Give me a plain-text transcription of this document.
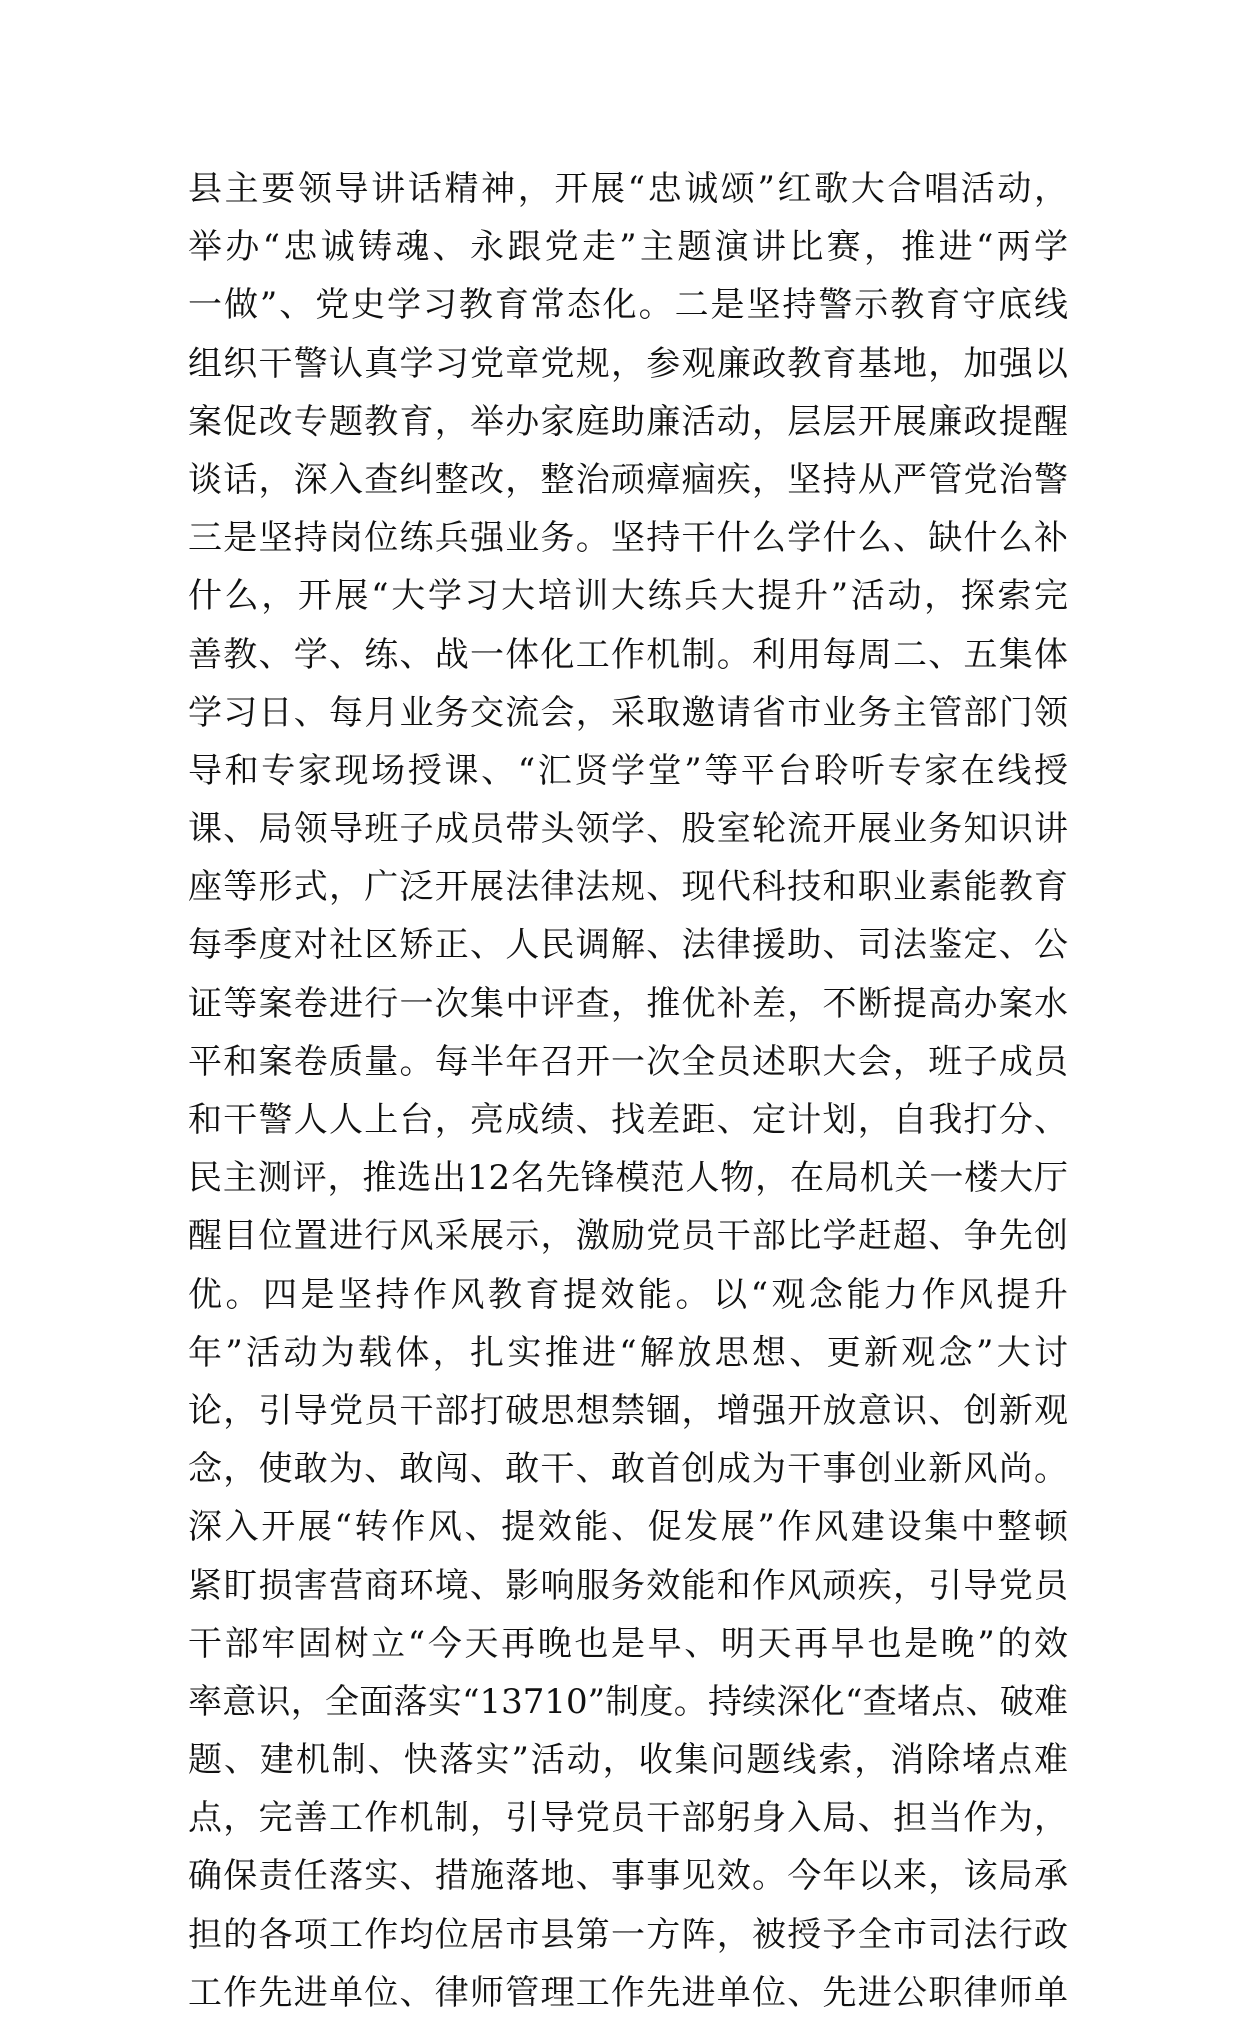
县主要领导讲话精神，开展“忠诚颂”红歌大合唱活动，
举办“忠诚铸魂、永跟党走”主题演讲比赛，推进“两学
一做”、党史学习教育常态化。二是坚持警示教育守底线
组织干警认真学习党章党规，参观廉政教育基地，加强以
案促改专题教育，举办家庭助廉活动，层层开展廉政提醒
谈话，深入查纠整改，整治顽瘴痼疾，坚持从严管党治警
三是坚持岗位练兵强业务。坚持干什么学什么、缺什么补
什么，开展“大学习大培训大练兵大提升”活动，探索完
善教、学、练、战一体化工作机制。利用每周二、五集体
学习日、每月业务交流会，采取邀请省市业务主管部门领
导和专家现场授课、“汇贤学堂”等平台聆听专家在线授
课、局领导班子成员带头领学、股室轮流开展业务知识讲
座等形式，广泛开展法律法规、现代科技和职业素能教育
每季度对社区矫正、人民调解、法律援助、司法鉴定、公
证等案卷进行一次集中评查，推优补差，不断提高办案水
平和案卷质量。每半年召开一次全员述职大会，班子成员
和干警人人上台，亮成绩、找差距、定计划，自我打分、
民主测评，推选出12名先锋模范人物，在局机关一楼大厅
醒目位置进行风采展示，激励党员干部比学赶超、争先创
优。四是坚持作风教育提效能。以“观念能力作风提升
年”活动为载体，扎实推进“解放思想、更新观念”大讨
论，引导党员干部打破思想禁锢，增强开放意识、创新观
念，使敢为、敢闯、敢干、敢首创成为干事创业新风尚。
深入开展“转作风、提效能、促发展”作风建设集中整顿
紧盯损害营商环境、影响服务效能和作风顽疾，引导党员
干部牢固树立“今天再晚也是早、明天再早也是晚”的效
率意识，全面落实“13710”制度。持续深化“查堵点、破难
题、建机制、快落实”活动，收集问题线索，消除堵点难
点，完善工作机制，引导党员干部躬身入局、担当作为，
确保责任落实、措施落地、事事见效。今年以来，该局承
担的各项工作均位居市县第一方阵，被授予全市司法行政
工作先进单位、律师管理工作先进单位、先进公职律师单
